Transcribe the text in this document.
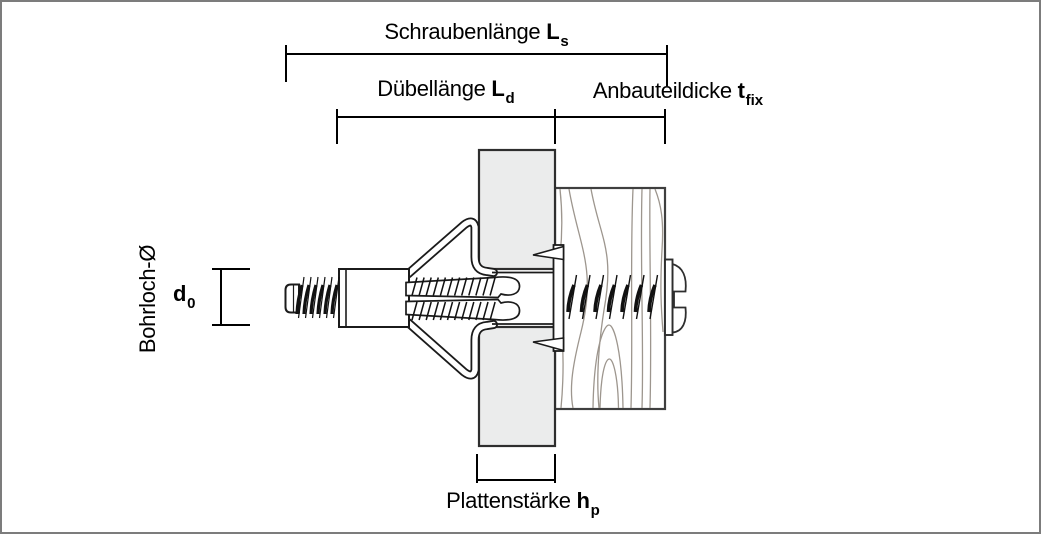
Schraubenlänge $L_s$
Dübellänge $L_d$	Anbauteildicke $t_{fix}$
Bohrloch-Ø $d_0$
Plattenstärke $h_p$
